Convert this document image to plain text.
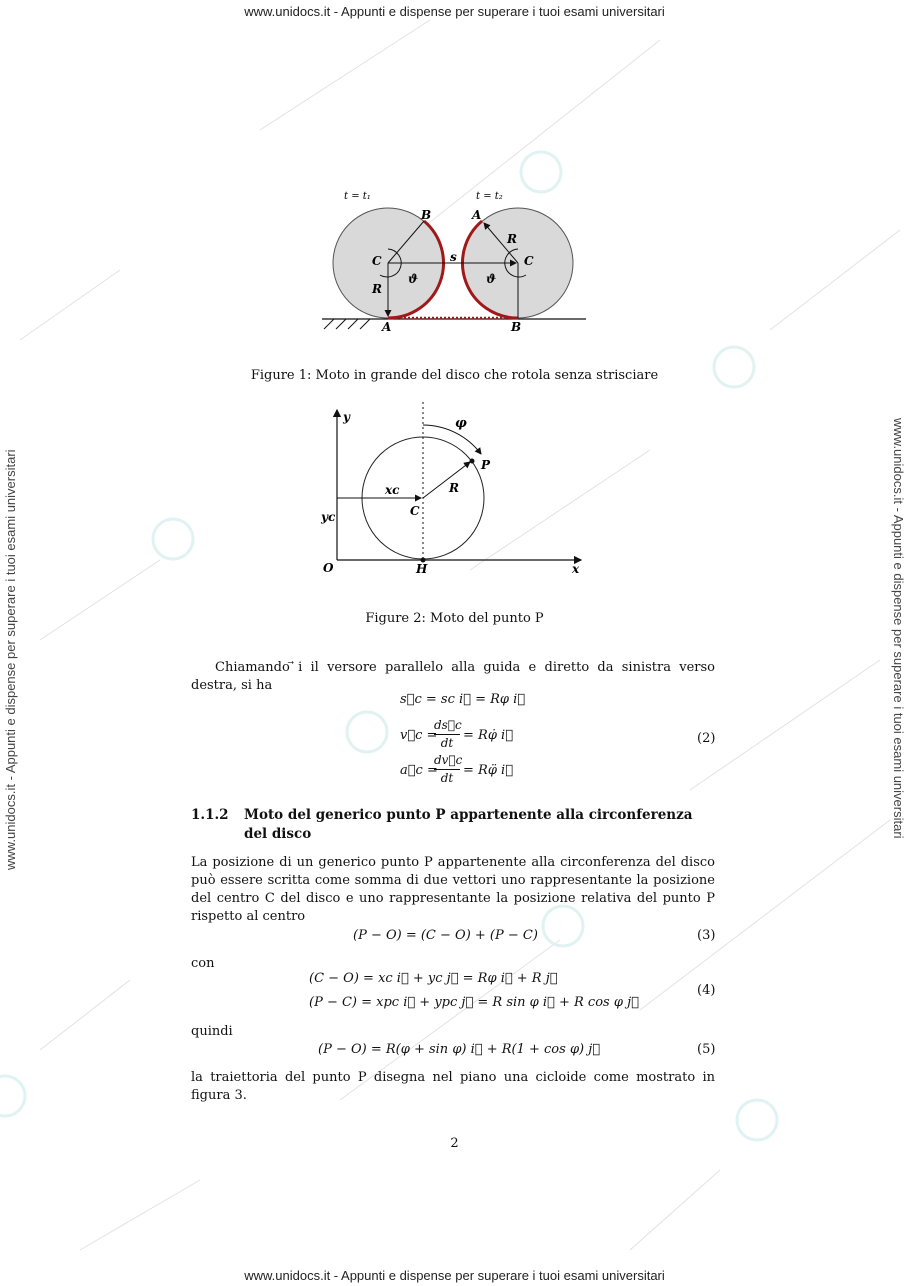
www.unidocs.it - Appunti e dispense per superare i tuoi esami universitari
www.unidocs.it - Appunti e dispense per superare i tuoi esami universitari
www.unidocs.it - Appunti e dispense per superare i tuoi esami universitari	www.unidocs.it - Appunti e dispense per superare i tuoi esami universitari
t = t₁	t = t₂
B	A
C	C
R
R
s
ϑ	ϑ
A	B
Figure 1: Moto in grande del disco che rotola senza strisciare
y	φ
P
xᴄ	R
C
yᴄ
O	H	x
Figure 2: Moto del punto P
Chiamando ⃗i il versore parallelo alla guida e diretto da sinistra verso destra, si ha
s⃗c = sc i⃗ = Rφ i⃗
v⃗c =
ds⃗c
dt = Rφ̇ i⃗	(2)
a⃗c =
dv⃗c
dt = Rφ̈ i⃗
1.1.2 Moto del generico punto P appartenente alla circonferenza del disco
La posizione di un generico punto P appartenente alla circonferenza del disco può essere scritta come somma di due vettori uno rappresentante la posizione del centro C del disco e uno rappresentante la posizione relativa del punto P rispetto al centro
(P − O) = (C − O) + (P − C)	(3)
con
(C − O) = xc i⃗ + yc j⃗ = Rφ i⃗ + R j⃗
(P − C) = xpc i⃗ + ypc j⃗ = R sin φ i⃗ + R cos φ j⃗
(4)
quindi
(P − O) = R(φ + sin φ) i⃗ + R(1 + cos φ) j⃗	(5)
la traiettoria del punto P disegna nel piano una cicloide come mostrato in figura 3.
2
